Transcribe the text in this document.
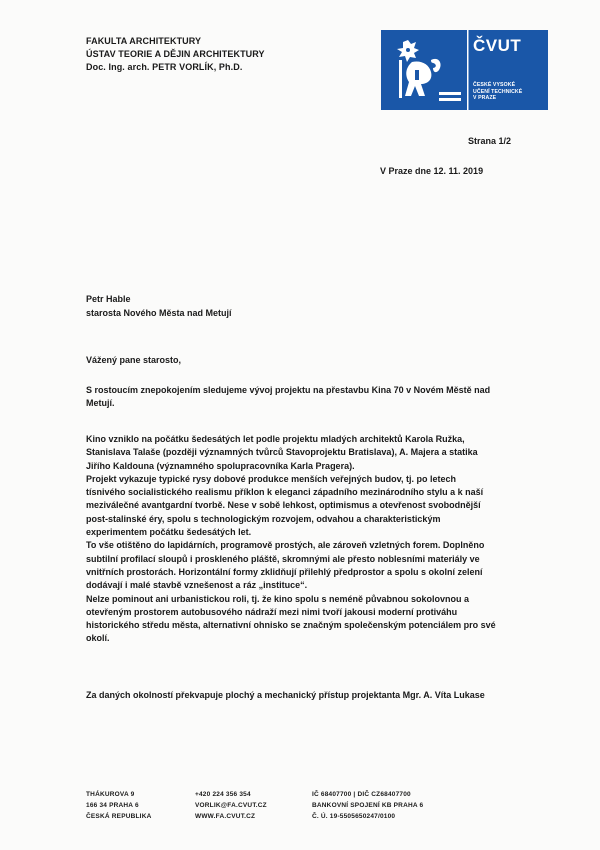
FAKULTA ARCHITEKTURY
ÚSTAV TEORIE A DĚJIN ARCHITEKTURY
Doc. Ing. arch. PETR VORLÍK, Ph.D.
ČVUT
ČESKÉ VYSOKÉ
UČENÍ TECHNICKÉ
V PRAZE
Strana 1/2
V Praze dne 12. 11. 2019
Petr Hable
starosta Nového Města nad Metují
Vážený pane starosto,
S rostoucím znepokojením sledujeme vývoj projektu na přestavbu Kina 70 v Novém Městě nad
Metují.
Kino vzniklo na počátku šedesátých let podle projektu mladých architektů Karola Ružka,
Stanislava Talaše (později významných tvůrců Stavoprojektu Bratislava), A. Majera a statika
Jiřího Kaldouna (významného spolupracovníka Karla Pragera).
Projekt vykazuje typické rysy dobové produkce menších veřejných budov, tj. po letech
tísnivého socialistického realismu příklon k eleganci západního mezinárodního stylu a k naší
meziválečné avantgardní tvorbě. Nese v sobě lehkost, optimismus a otevřenost svobodnější
post-stalinské éry, spolu s technologickým rozvojem, odvahou a charakteristickým
experimentem počátku šedesátých let.
To vše otištěno do lapidárních, programově prostých, ale zároveň vzletných forem. Doplněno
subtilní profilací sloupů i proskleného pláště, skromnými ale přesto noblesními materiály ve
vnitřních prostorách. Horizontální formy zklidňují přilehlý předprostor a spolu s okolní zelení
dodávají i malé stavbě vznešenost a ráz „instituce“.
Nelze pominout ani urbanistickou roli, tj. že kino spolu s neméně půvabnou sokolovnou a
otevřeným prostorem autobusového nádraží mezi nimi tvoří jakousi moderní protiváhu
historického středu města, alternativní ohnisko se značným společenským potenciálem pro své
okolí.
Za daných okolností překvapuje plochý a mechanický přístup projektanta Mgr. A. Víta Lukase
THÁKUROVA 9
166 34 PRAHA 6
ČESKÁ REPUBLIKA
+420 224 356 354
VORLIK@FA.CVUT.CZ
WWW.FA.CVUT.CZ
IČ 68407700 | DIČ CZ68407700
BANKOVNÍ SPOJENÍ KB PRAHA 6
Č. Ú. 19-5505650247/0100
